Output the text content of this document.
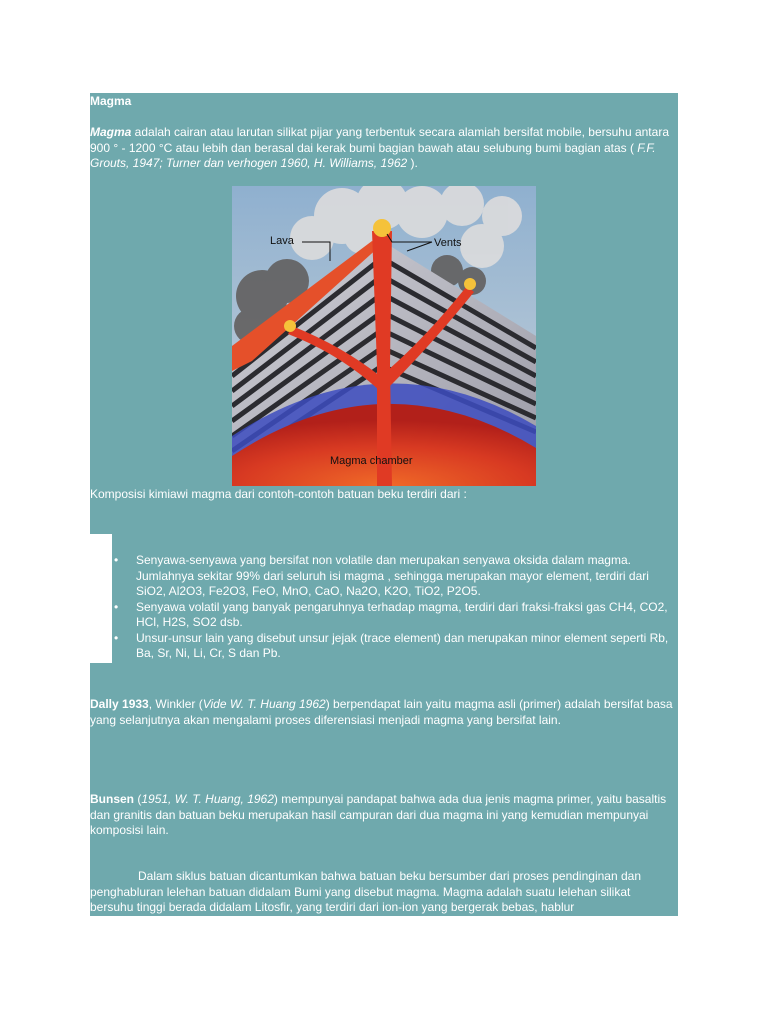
Magma
Magma adalah cairan atau larutan silikat pijar yang terbentuk secara alamiah bersifat mobile, bersuhu antara 900 ° - 1200 °C atau lebih dan berasal dai kerak bumi bagian bawah atau selubung bumi bagian atas ( F.F. Grouts, 1947; Turner dan verhogen 1960, H. Williams, 1962 ).
Komposisi kimiawi magma dari contoh-contoh batuan beku terdiri dari :
• Senyawa-senyawa yang bersifat non volatile dan merupakan senyawa oksida dalam magma. Jumlahnya sekitar 99% dari seluruh isi magma , sehingga merupakan mayor element, terdiri dari SiO2, Al2O3, Fe2O3, FeO, MnO, CaO, Na2O, K2O, TiO2, P2O5.
• Senyawa volatil yang banyak pengaruhnya terhadap magma, terdiri dari fraksi-fraksi gas CH4, CO2, HCl, H2S, SO2 dsb.
• Unsur-unsur lain yang disebut unsur jejak (trace element) dan merupakan minor element seperti Rb, Ba, Sr, Ni, Li, Cr, S dan Pb.
Dally 1933, Winkler (Vide W. T. Huang 1962) berpendapat lain yaitu magma asli (primer) adalah bersifat basa yang selanjutnya akan mengalami proses diferensiasi menjadi magma yang bersifat lain.
Bunsen (1951, W. T. Huang, 1962) mempunyai pandapat bahwa ada dua jenis magma primer, yaitu basaltis dan granitis dan batuan beku merupakan hasil campuran dari dua magma ini yang kemudian mempunyai komposisi lain.
Dalam siklus batuan dicantumkan bahwa batuan beku bersumber dari proses pendinginan dan penghabluran lelehan batuan didalam Bumi yang disebut magma. Magma adalah suatu lelehan silikat bersuhu tinggi berada didalam Litosfir, yang terdiri dari ion-ion yang bergerak bebas, hablur
Lava	Vents
Magma chamber
